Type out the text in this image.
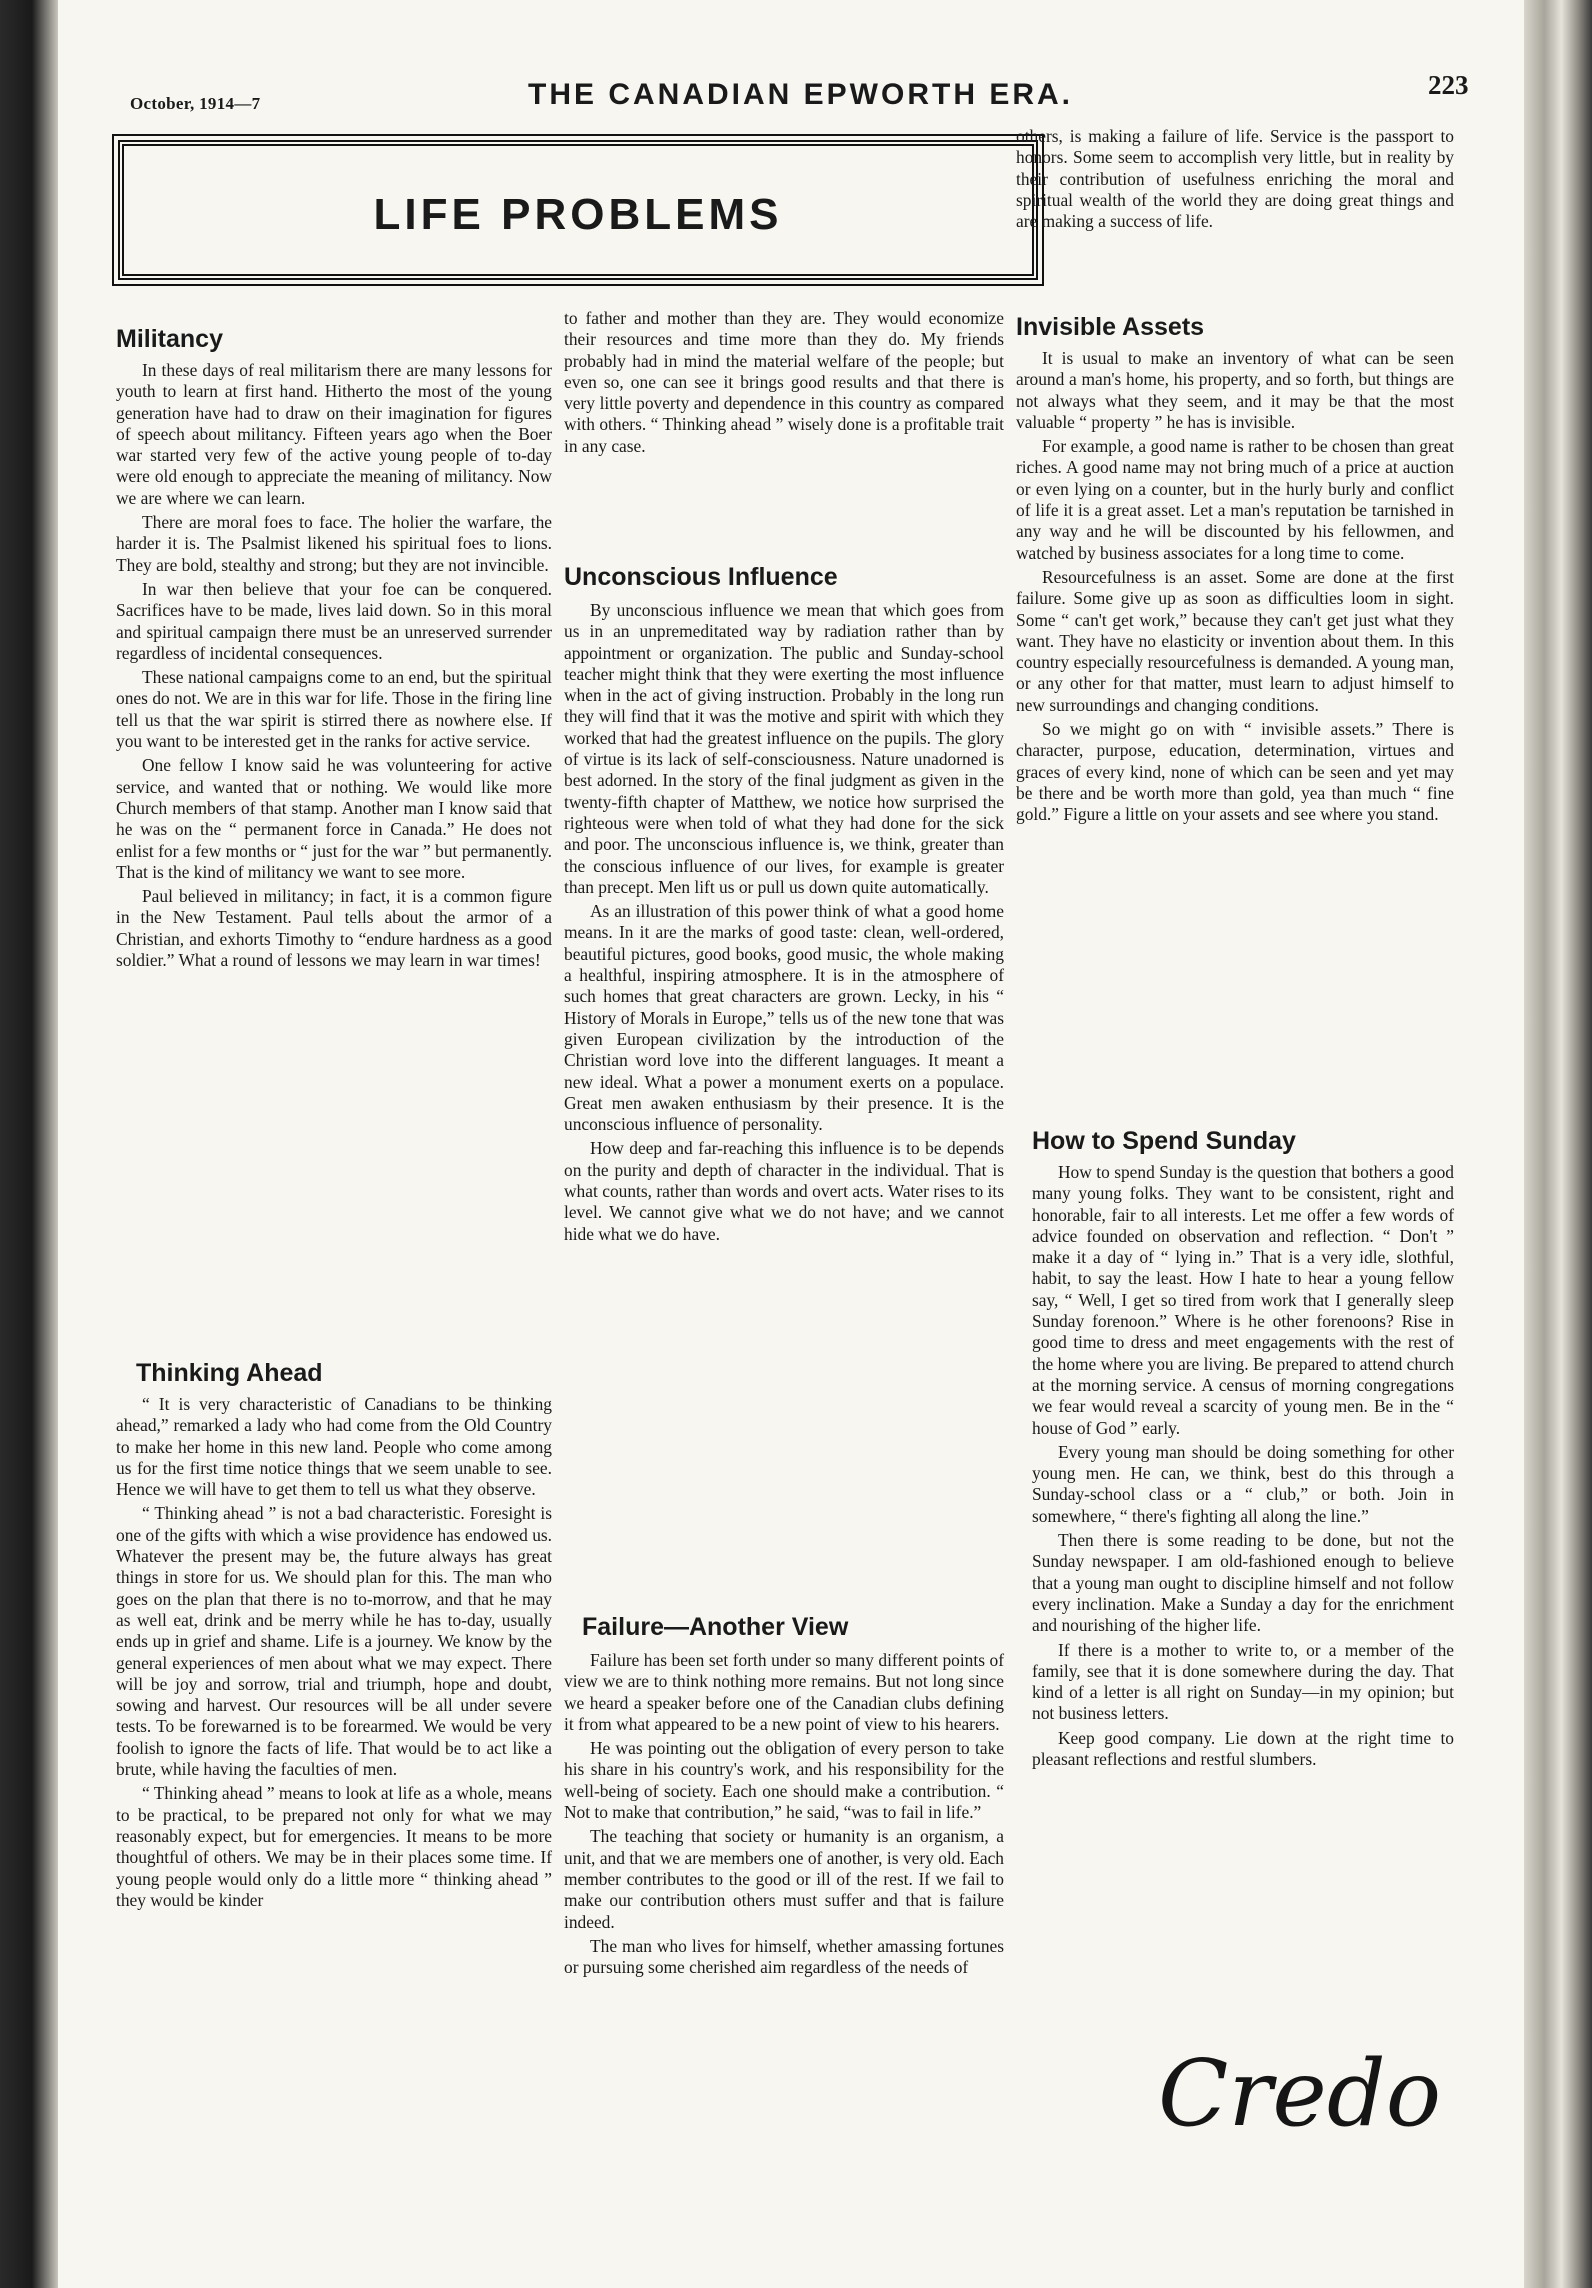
October, 1914—7	THE CANADIAN EPWORTH ERA.	223
LIFE PROBLEMS
Militancy

In these days of real militarism there are many lessons for youth to learn at first hand. Hitherto the most of the young generation have had to draw on their imagination for figures of speech about militancy. Fifteen years ago when the Boer war started very few of the active young people of to-day were old enough to appreciate the meaning of militancy. Now we are where we can learn.

There are moral foes to face. The holier the warfare, the harder it is. The Psalmist likened his spiritual foes to lions. They are bold, stealthy and strong; but they are not invincible.

In war then believe that your foe can be conquered. Sacrifices have to be made, lives laid down. So in this moral and spiritual campaign there must be an unreserved surrender regardless of incidental consequences.

These national campaigns come to an end, but the spiritual ones do not. We are in this war for life. Those in the firing line tell us that the war spirit is stirred there as nowhere else. If you want to be interested get in the ranks for active service.

One fellow I know said he was volunteering for active service, and wanted that or nothing. We would like more Church members of that stamp. Another man I know said that he was on the “ permanent force in Canada.” He does not enlist for a few months or “ just for the war ” but permanently. That is the kind of militancy we want to see more.

Paul believed in militancy; in fact, it is a common figure in the New Testament. Paul tells about the armor of a Christian, and exhorts Timothy to “endure hardness as a good soldier.” What a round of lessons we may learn in war times!

Thinking Ahead

“ It is very characteristic of Canadians to be thinking ahead,” remarked a lady who had come from the Old Country to make her home in this new land. People who come among us for the first time notice things that we seem unable to see. Hence we will have to get them to tell us what they observe.

“ Thinking ahead ” is not a bad characteristic. Foresight is one of the gifts with which a wise providence has endowed us. Whatever the present may be, the future always has great things in store for us. We should plan for this. The man who goes on the plan that there is no to-morrow, and that he may as well eat, drink and be merry while he has to-day, usually ends up in grief and shame. Life is a journey. We know by the general experiences of men about what we may expect. There will be joy and sorrow, trial and triumph, hope and doubt, sowing and harvest. Our resources will be all under severe tests. To be forewarned is to be forearmed. We would be very foolish to ignore the facts of life. That would be to act like a brute, while having the faculties of men.

“ Thinking ahead ” means to look at life as a whole, means to be practical, to be prepared not only for what we may reasonably expect, but for emergencies. It means to be more thoughtful of others. We may be in their places some time. If young people would only do a little more “ thinking ahead ” they would be kinder

to father and mother than they are. They would economize their resources and time more than they do. My friends probably had in mind the material welfare of the people; but even so, one can see it brings good results and that there is very little poverty and dependence in this country as compared with others. “ Thinking ahead ” wisely done is a profitable trait in any case.

Unconscious Influence

By unconscious influence we mean that which goes from us in an unpremeditated way by radiation rather than by appointment or organization. The public and Sunday-school teacher might think that they were exerting the most influence when in the act of giving instruction. Probably in the long run they will find that it was the motive and spirit with which they worked that had the greatest influence on the pupils. The glory of virtue is its lack of self-consciousness. Nature unadorned is best adorned. In the story of the final judgment as given in the twenty-fifth chapter of Matthew, we notice how surprised the righteous were when told of what they had done for the sick and poor. The unconscious influence is, we think, greater than the conscious influence of our lives, for example is greater than precept. Men lift us or pull us down quite automatically.

As an illustration of this power think of what a good home means. In it are the marks of good taste: clean, well-ordered, beautiful pictures, good books, good music, the whole making a healthful, inspiring atmosphere. It is in the atmosphere of such homes that great characters are grown. Lecky, in his “ History of Morals in Europe,” tells us of the new tone that was given European civilization by the introduction of the Christian word love into the different languages. It meant a new ideal. What a power a monument exerts on a populace. Great men awaken enthusiasm by their presence. It is the unconscious influence of personality.

How deep and far-reaching this influence is to be depends on the purity and depth of character in the individual. That is what counts, rather than words and overt acts. Water rises to its level. We cannot give what we do not have; and we cannot hide what we do have.

Failure—Another View

Failure has been set forth under so many different points of view we are to think nothing more remains. But not long since we heard a speaker before one of the Canadian clubs defining it from what appeared to be a new point of view to his hearers.

He was pointing out the obligation of every person to take his share in his country's work, and his responsibility for the well-being of society. Each one should make a contribution. “ Not to make that contribution,” he said, “was to fail in life.”

The teaching that society or humanity is an organism, a unit, and that we are members one of another, is very old. Each member contributes to the good or ill of the rest. If we fail to make our contribution others must suffer and that is failure indeed.

The man who lives for himself, whether amassing fortunes or pursuing some cherished aim regardless of the needs of

others, is making a failure of life. Service is the passport to honors. Some seem to accomplish very little, but in reality by their contribution of usefulness enriching the moral and spiritual wealth of the world they are doing great things and are making a success of life.

Invisible Assets

It is usual to make an inventory of what can be seen around a man's home, his property, and so forth, but things are not always what they seem, and it may be that the most valuable “ property ” he has is invisible.

For example, a good name is rather to be chosen than great riches. A good name may not bring much of a price at auction or even lying on a counter, but in the hurly burly and conflict of life it is a great asset. Let a man's reputation be tarnished in any way and he will be discounted by his fellowmen, and watched by business associates for a long time to come.

Resourcefulness is an asset. Some are done at the first failure. Some give up as soon as difficulties loom in sight. Some “ can't get work,” because they can't get just what they want. They have no elasticity or invention about them. In this country especially resourcefulness is demanded. A young man, or any other for that matter, must learn to adjust himself to new surroundings and changing conditions.

So we might go on with “ invisible assets.” There is character, purpose, education, determination, virtues and graces of every kind, none of which can be seen and yet may be there and be worth more than gold, yea than much “ fine gold.” Figure a little on your assets and see where you stand.

How to Spend Sunday

How to spend Sunday is the question that bothers a good many young folks. They want to be consistent, right and honorable, fair to all interests. Let me offer a few words of advice founded on observation and reflection. “ Don't ” make it a day of “ lying in.” That is a very idle, slothful, habit, to say the least. How I hate to hear a young fellow say, “ Well, I get so tired from work that I generally sleep Sunday forenoon.” Where is he other forenoons? Rise in good time to dress and meet engagements with the rest of the home where you are living. Be prepared to attend church at the morning service. A census of morning congregations we fear would reveal a scarcity of young men. Be in the “ house of God ” early.

Every young man should be doing something for other young men. He can, we think, best do this through a Sunday-school class or a “ club,” or both. Join in somewhere, “ there's fighting all along the line.”

Then there is some reading to be done, but not the Sunday newspaper. I am old-fashioned enough to believe that a young man ought to discipline himself and not follow every inclination. Make a Sunday a day for the enrichment and nourishing of the higher life.

If there is a mother to write to, or a member of the family, see that it is done somewhere during the day. That kind of a letter is all right on Sunday—in my opinion; but not business letters.

Keep good company. Lie down at the right time to pleasant reflections and restful slumbers.

Credo
